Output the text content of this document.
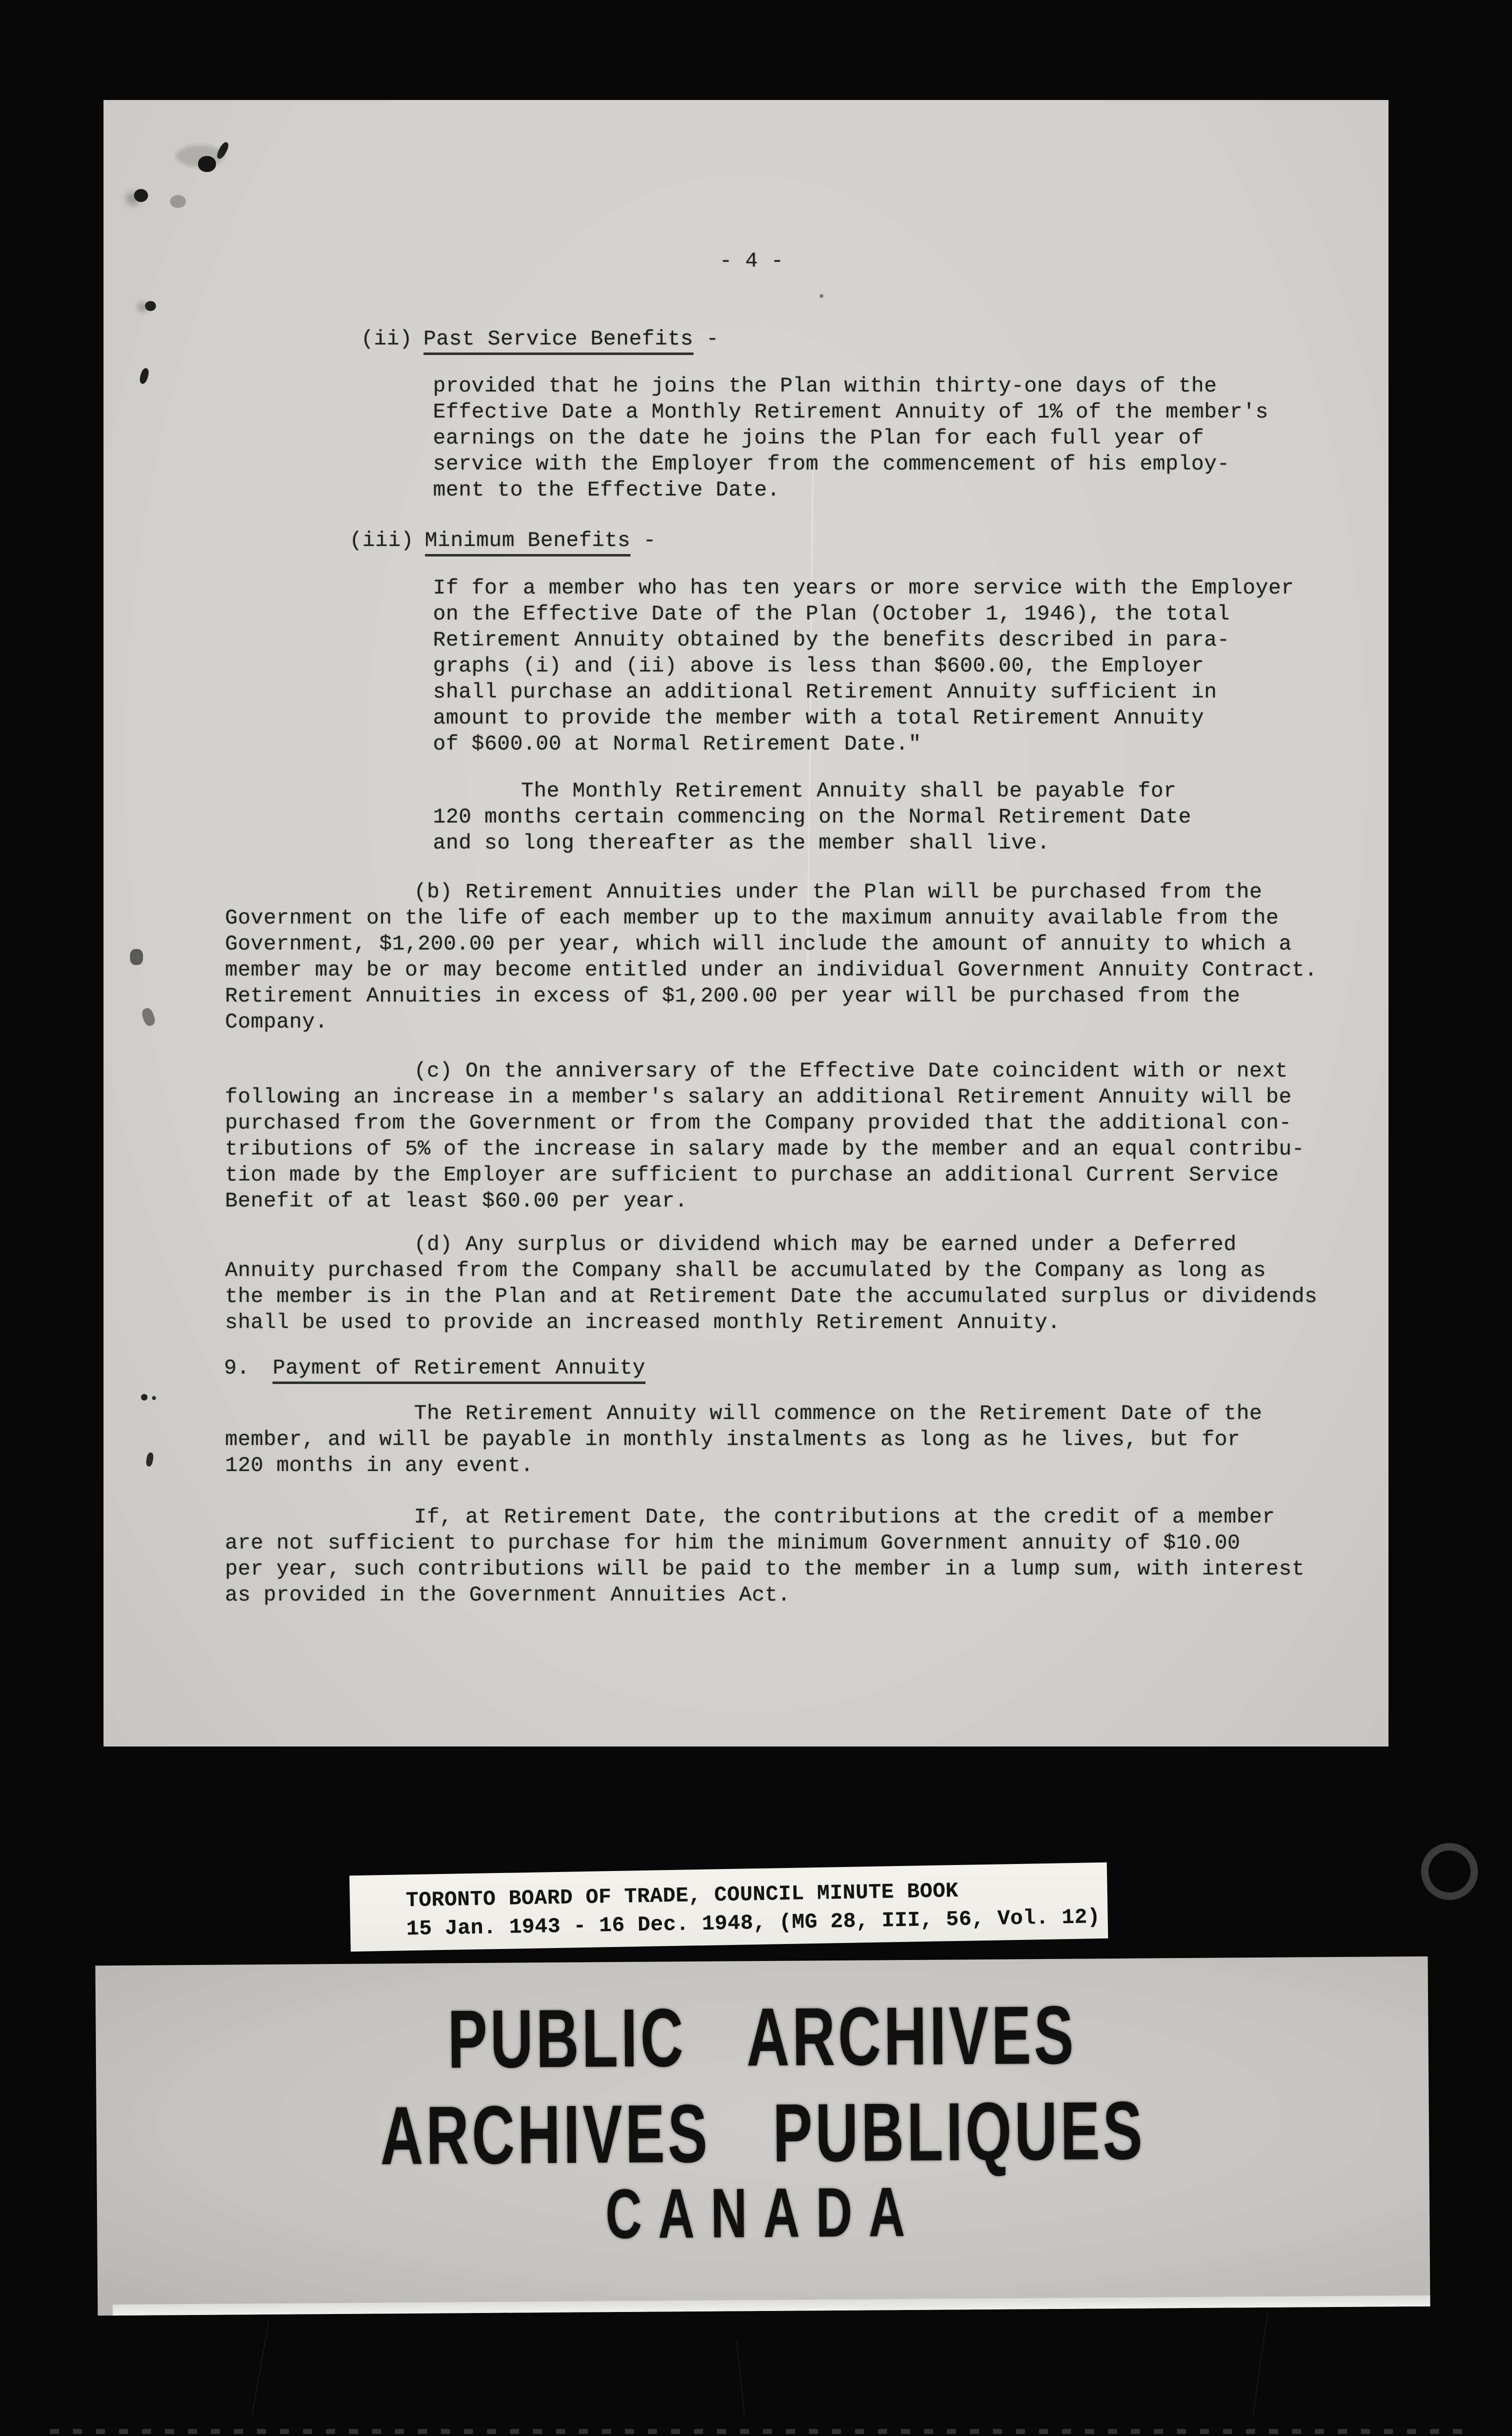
- 4 -
(ii) Past Service Benefits -
provided that he joins the Plan within thirty-one days of the
Effective Date a Monthly Retirement Annuity of 1% of the member's
earnings on the date he joins the Plan for each full year of
service with the Employer from the commencement of his employ-
ment to the Effective Date.
(iii) Minimum Benefits -
If for a member who has ten years or more service with the Employer
on the Effective Date of the Plan (October 1, 1946), the total
Retirement Annuity obtained by the benefits described in para-
graphs (i) and (ii) above is less than $600.00, the Employer
shall purchase an additional Retirement Annuity sufficient in
amount to provide the member with a total Retirement Annuity
of $600.00 at Normal Retirement Date."
The Monthly Retirement Annuity shall be payable for
120 months certain commencing on the Normal Retirement Date
and so long thereafter as the member shall live.
(b) Retirement Annuities under the Plan will be purchased from the
Government on the life of each member up to the maximum annuity available from the
Government, $1,200.00 per year, which will include the amount of annuity to which a
member may be or may become entitled under an individual Government Annuity Contract.
Retirement Annuities in excess of $1,200.00 per year will be purchased from the
Company.
(c) On the anniversary of the Effective Date coincident with or next
following an increase in a member's salary an additional Retirement Annuity will be
purchased from the Government or from the Company provided that the additional con-
tributions of 5% of the increase in salary made by the member and an equal contribu-
tion made by the Employer are sufficient to purchase an additional Current Service
Benefit of at least $60.00 per year.
(d) Any surplus or dividend which may be earned under a Deferred
Annuity purchased from the Company shall be accumulated by the Company as long as
the member is in the Plan and at Retirement Date the accumulated surplus or dividends
shall be used to provide an increased monthly Retirement Annuity.
9. Payment of Retirement Annuity
The Retirement Annuity will commence on the Retirement Date of the
member, and will be payable in monthly instalments as long as he lives, but for
120 months in any event.
If, at Retirement Date, the contributions at the credit of a member
are not sufficient to purchase for him the minimum Government annuity of $10.00
per year, such contributions will be paid to the member in a lump sum, with interest
as provided in the Government Annuities Act.
TORONTO BOARD OF TRADE, COUNCIL MINUTE BOOK
15 Jan. 1943 - 16 Dec. 1948, (MG 28, III, 56, Vol. 12)
PUBLIC ARCHIVES
ARCHIVES PUBLIQUES
CANADA
